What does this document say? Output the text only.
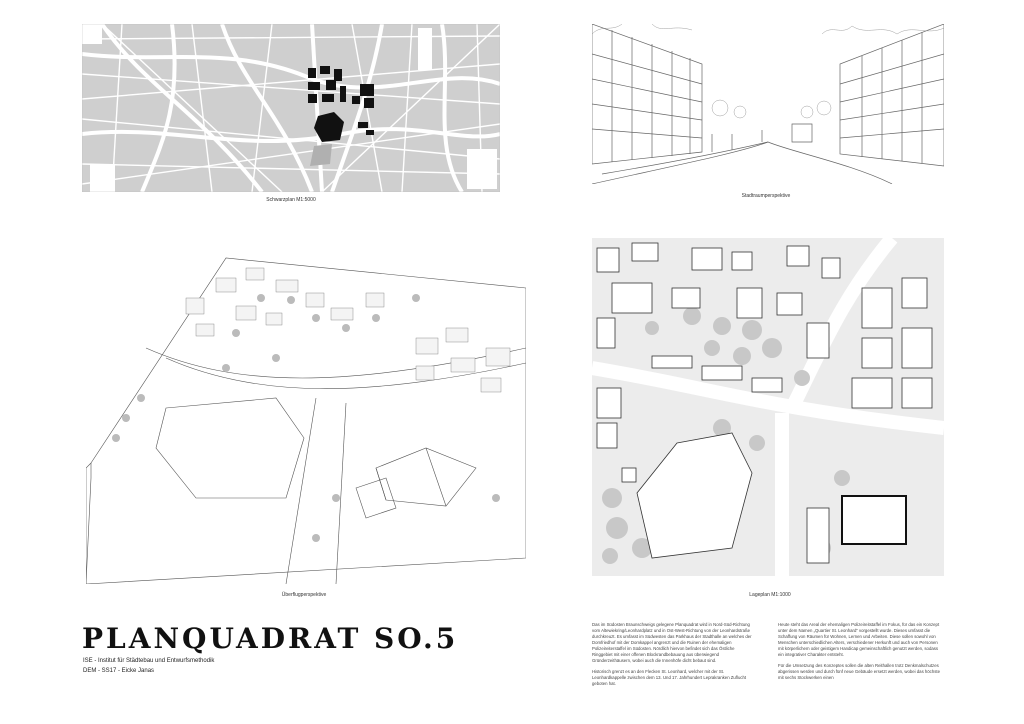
Schwarzplan M1:5000
Stadtraumperspektive
Überflugperspektive	Lageplan M1:1000
PLANQUADRAT SO.5
ISE - Institut für Städtebau und Entwurfsmethodik
DEM - SS17 - Eicke Janas

Das im Südosten Braunschweigs gelegene Planquadrat wird in Nord-Süd-Richtung vom Altewiekring/Leonhardplatz und in Ost-West-Richtung von der Leonhardstraße durchkreuzt. Es umfasst im Südwesten das Parkhaus der Stadthalle an welches der Domfriedhof mit der Domkappel angrenzt und die Ruinen der ehemaligen Polizeireiterstaffel im Südosten. Nördlich hiervon befindet sich das Östliche Ringgebiet mit einer offenen Blockrandbebauung aus überwiegend Gründerzeithäusern, wobei auch die Innenhöfe dicht bebaut sind.

Historisch grenzt es an den Flecken St. Leonhard, welcher mit der St. Leonhardkappelle zwischen dem 13. Und 17. Jahrhundert Leprakranken Zuflucht geboten hat.

Heute steht das Areal der ehemaligen Polizeireitstaffel im Fokus, für das ein Konzept unter dem Namen „Quartier St. Leonhard“ vorgestellt wurde. Dieses umfasst die Schaffung von Räumen für Wohnen, Lernen und Arbeiten. Diese sollen sowohl von Menschen unterschiedlichen Alters, verschiedener Herkunft und auch von Personen mit körperlichem oder geistigem Handicap gemeinschaftlich genutzt werden, sodass ein integrativer Charakter entsteht.

Für die Umsetzung des Konzeptes sollen die alten Reithallen trotz Denkmalschutzes abgerissen werden und durch fünf neue Gebäude ersetzt werden, wobei das höchste mit sechs Stockwerken einen
